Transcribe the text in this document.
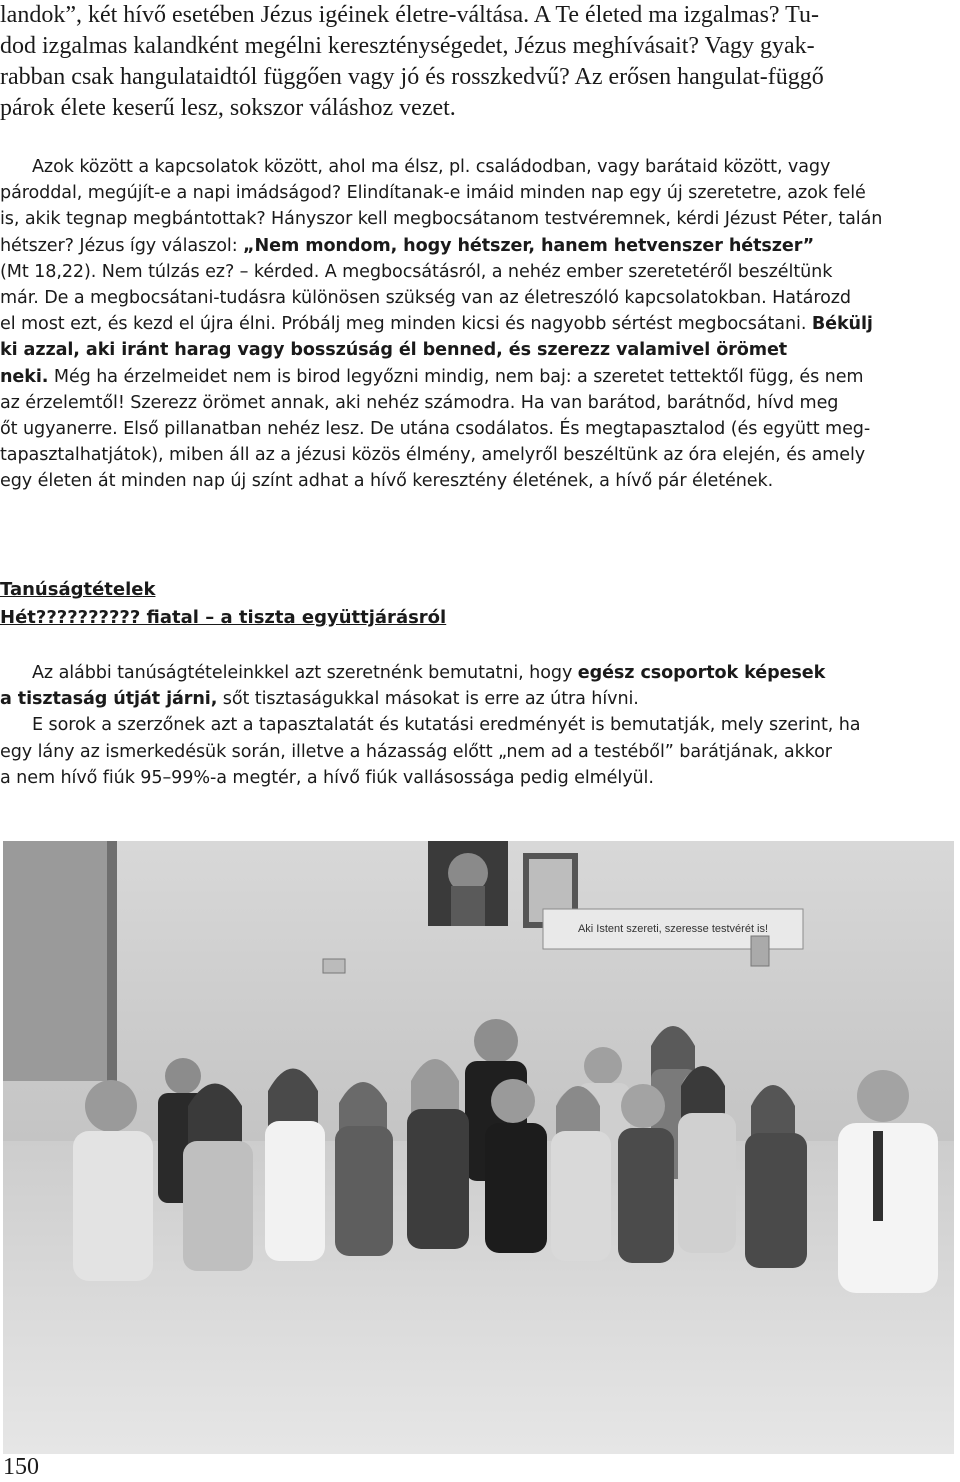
landok”, két hívő esetében Jézus igéinek életre-váltása. A Te életed ma izgalmas? Tu-
dod izgalmas kalandként megélni kereszténységedet, Jézus meghívásait? Vagy gyak-
rabban csak hangulataidtól függően vagy jó és rosszkedvű? Az erősen hangulat-függő
párok élete keserű lesz, sokszor váláshoz vezet.
Azok között a kapcsolatok között, ahol ma élsz, pl. családodban, vagy barátaid között, vagy
pároddal, megújít-e a napi imádságod? Elindítanak-e imáid minden nap egy új szeretetre, azok felé
is, akik tegnap megbántottak? Hányszor kell megbocsátanom testvéremnek, kérdi Jézust Péter, talán
hétszer? Jézus így válaszol: „Nem mondom, hogy hétszer, hanem hetvenszer hétszer”
(Mt 18,22). Nem túlzás ez? – kérded. A megbocsátásról, a nehéz ember szeretetéről beszéltünk
már. De a megbocsátani-tudásra különösen szükség van az életreszóló kapcsolatokban. Határozd
el most ezt, és kezd el újra élni. Próbálj meg minden kicsi és nagyobb sértést megbocsátani. Békülj
ki azzal, aki iránt harag vagy bosszúság él benned, és szerezz valamivel örömet
neki. Még ha érzelmeidet nem is birod legyőzni mindig, nem baj: a szeretet tettektől függ, és nem
az érzelemtől! Szerezz örömet annak, aki nehéz számodra. Ha van barátod, barátnőd, hívd meg
őt ugyanerre. Első pillanatban nehéz lesz. De utána csodálatos. És megtapasztalod (és együtt meg-
tapasztalhatjátok), miben áll az a jézusi közös élmény, amelyről beszéltünk az óra elején, és amely
egy életen át minden nap új színt adhat a hívő keresztény életének, a hívő pár életének.
Tanúságtételek
Hét?????????? fiatal – a tiszta együttjárásról
Az alábbi tanúságtételeinkkel azt szeretnénk bemutatni, hogy egész csoportok képesek
a tisztaság útját járni, sőt tisztaságukkal másokat is erre az útra hívni.
E sorok a szerzőnek azt a tapasztalatát és kutatási eredményét is bemutatják, mely szerint, ha
egy lány az ismerkedésük során, illetve a házasság előtt „nem ad a testéből” barátjának, akkor
a nem hívő fiúk 95–99%-a megtér, a hívő fiúk vallásossága pedig elmélyül.
Aki Istent szereti, szeresse testvérét is!
150
